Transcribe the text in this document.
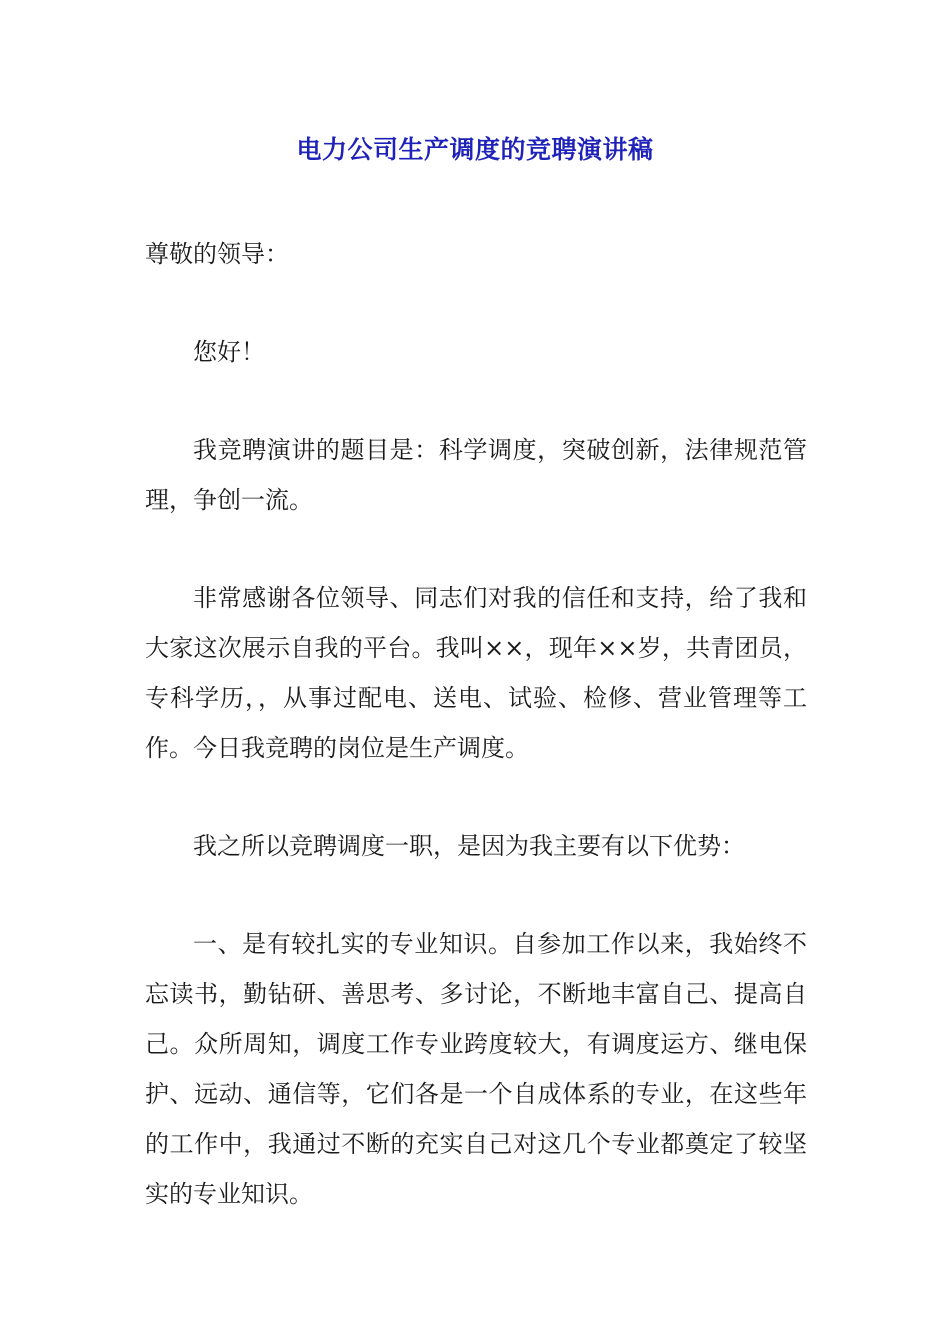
电力公司生产调度的竞聘演讲稿

尊敬的领导：

您好！

我竞聘演讲的题目是：科学调度，突破创新，法律规范管理，争创一流。

非常感谢各位领导、同志们对我的信任和支持，给了我和大家这次展示自我的平台。我叫××，现年××岁，共青团员，专科学历，，从事过配电、送电、试验、检修、营业管理等工作。今日我竞聘的岗位是生产调度。

我之所以竞聘调度一职，是因为我主要有以下优势：

一、是有较扎实的专业知识。自参加工作以来，我始终不忘读书，勤钻研、善思考、多讨论，不断地丰富自己、提高自己。众所周知，调度工作专业跨度较大，有调度运方、继电保护、远动、通信等，它们各是一个自成体系的专业，在这些年的工作中，我通过不断的充实自己对这几个专业都奠定了较坚实的专业知识。
